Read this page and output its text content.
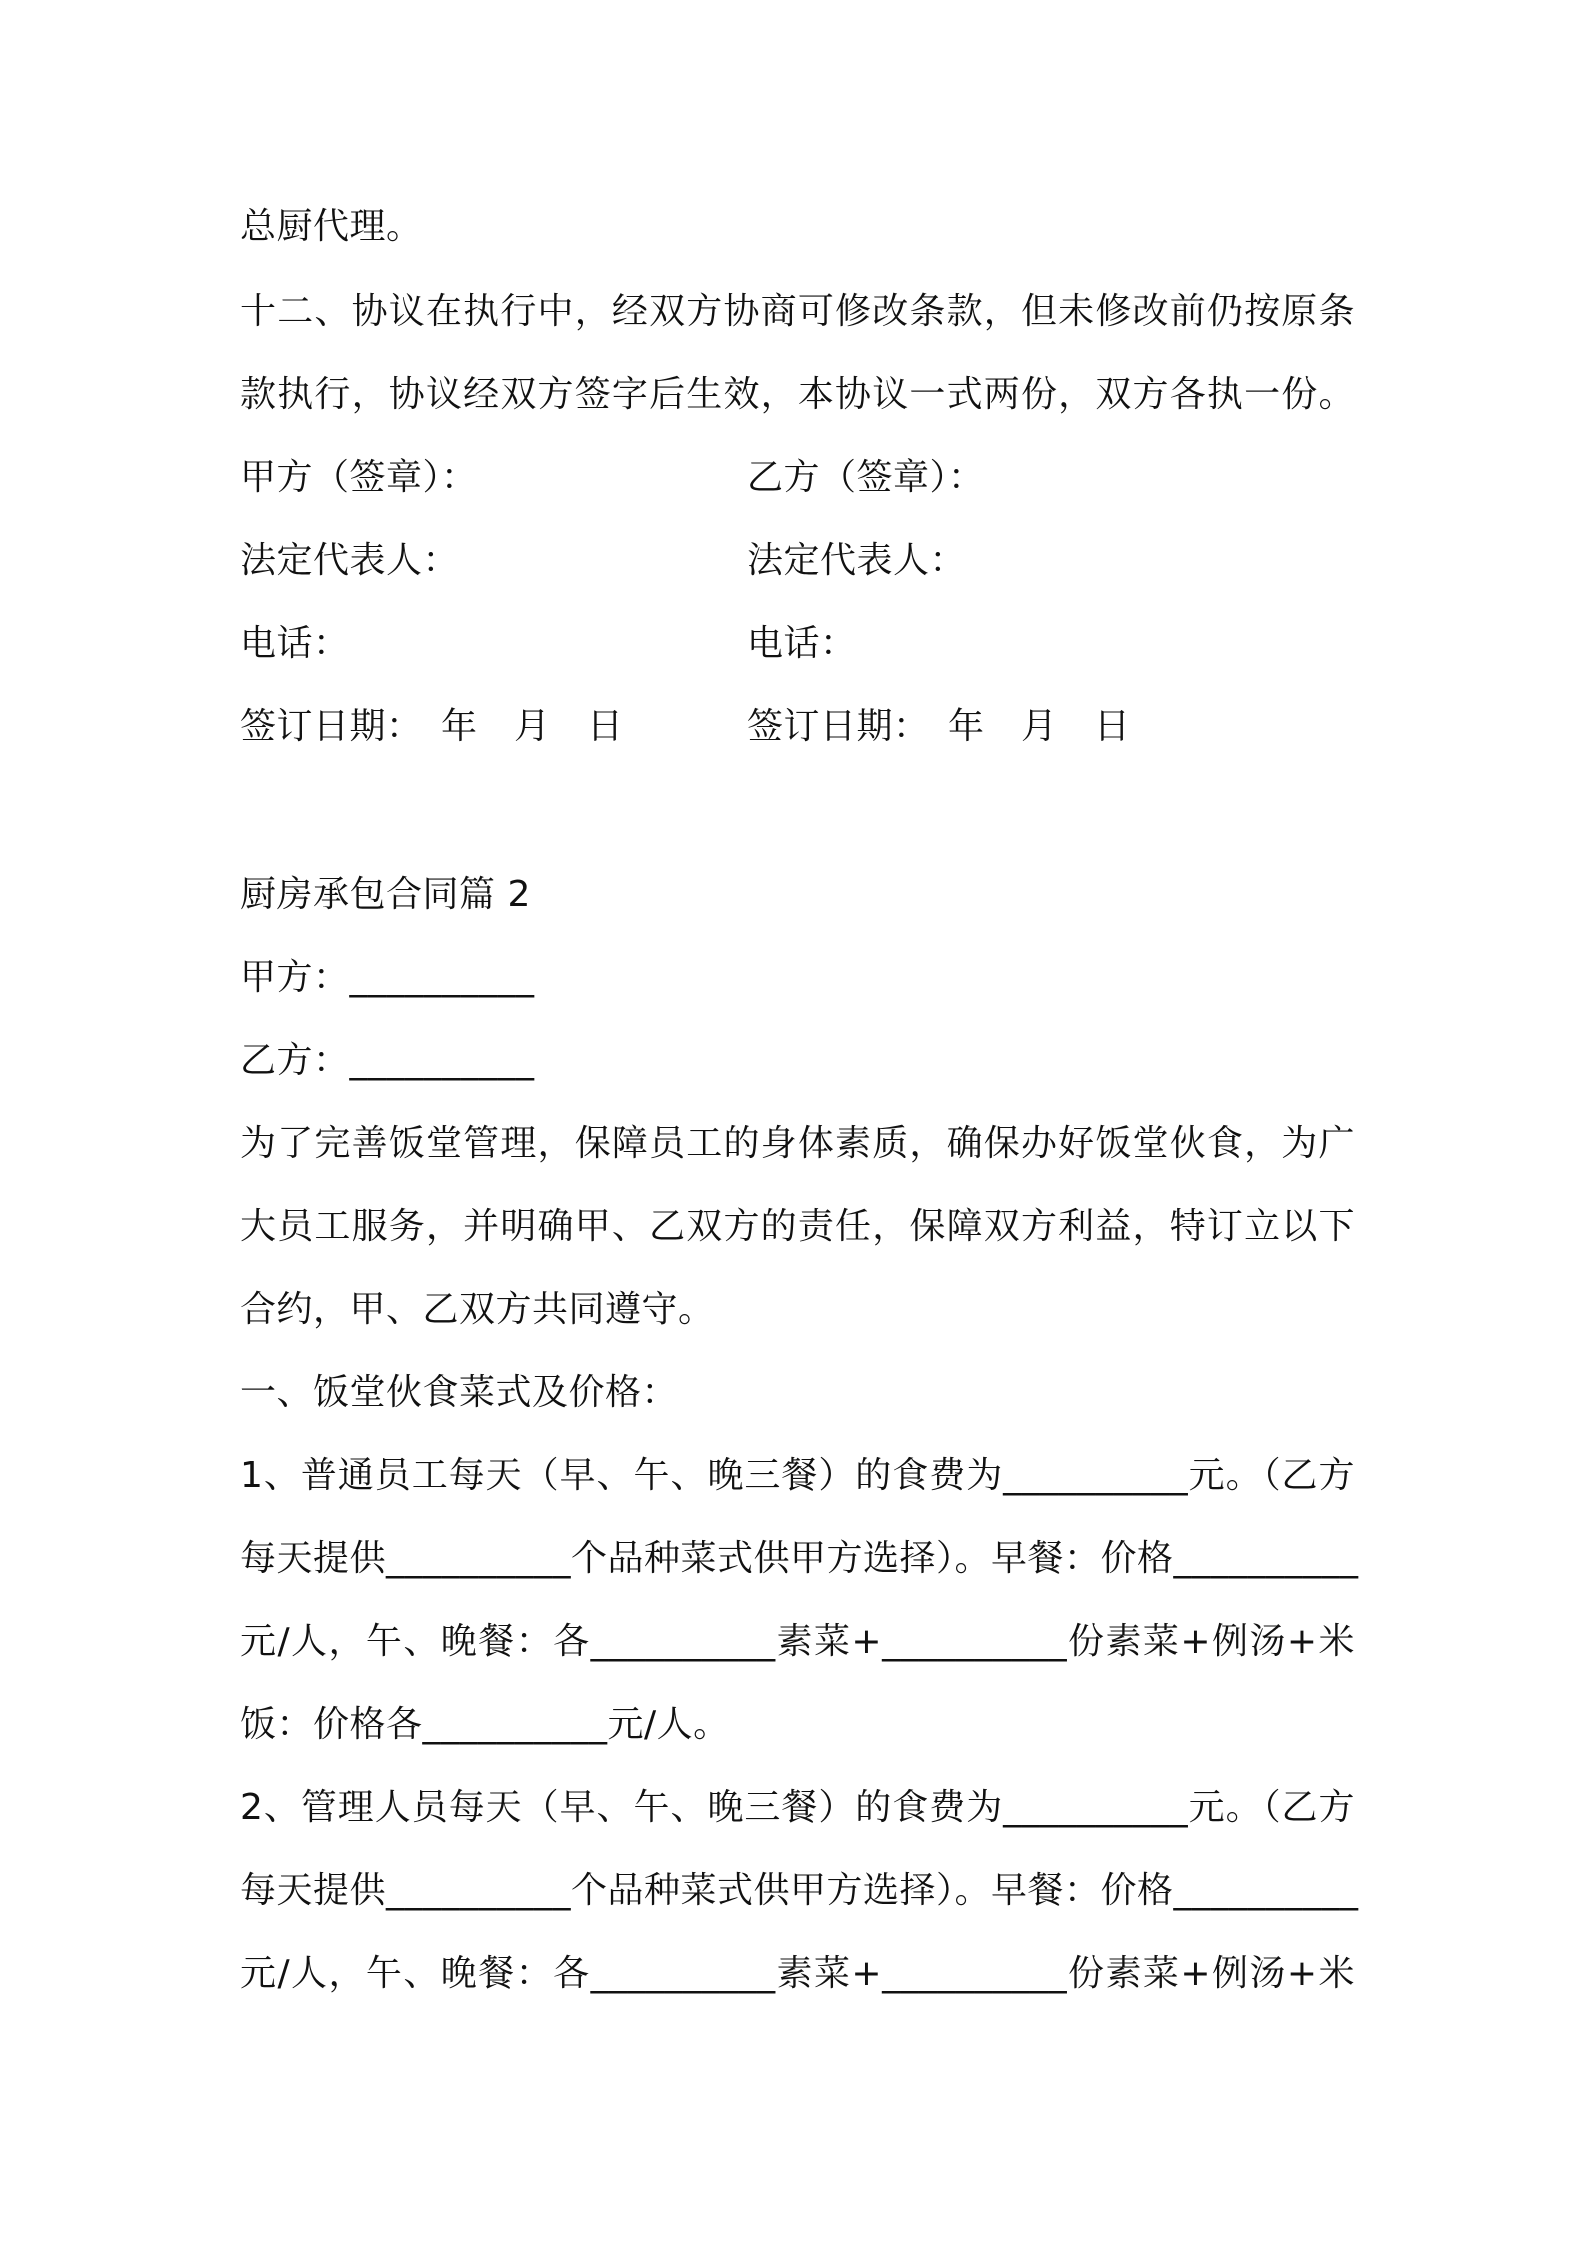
总厨代理。
十二、协议在执行中，经双方协商可修改条款，但未修改前仍按原条
款执行，协议经双方签字后生效，本协议一式两份，双方各执一份。
甲方（签章）：	乙方（签章）：
法定代表人：	法定代表人：
电话：	电话：
签订日期：　年　月　日	签订日期：　年　月　日
厨房承包合同篇 2
甲方：__________
乙方：__________
为了完善饭堂管理，保障员工的身体素质，确保办好饭堂伙食，为广
大员工服务，并明确甲、乙双方的责任，保障双方利益，特订立以下
合约，甲、乙双方共同遵守。
一、饭堂伙食菜式及价格：
1、普通员工每天（早、午、晚三餐）的食费为__________元。（乙方
每天提供__________个品种菜式供甲方选择）。早餐：价格__________
元/人，午、晚餐：各__________素菜+__________份素菜+例汤+米
饭：价格各__________元/人。
2、管理人员每天（早、午、晚三餐）的食费为__________元。（乙方
每天提供__________个品种菜式供甲方选择）。早餐：价格__________
元/人，午、晚餐：各__________素菜+__________份素菜+例汤+米
